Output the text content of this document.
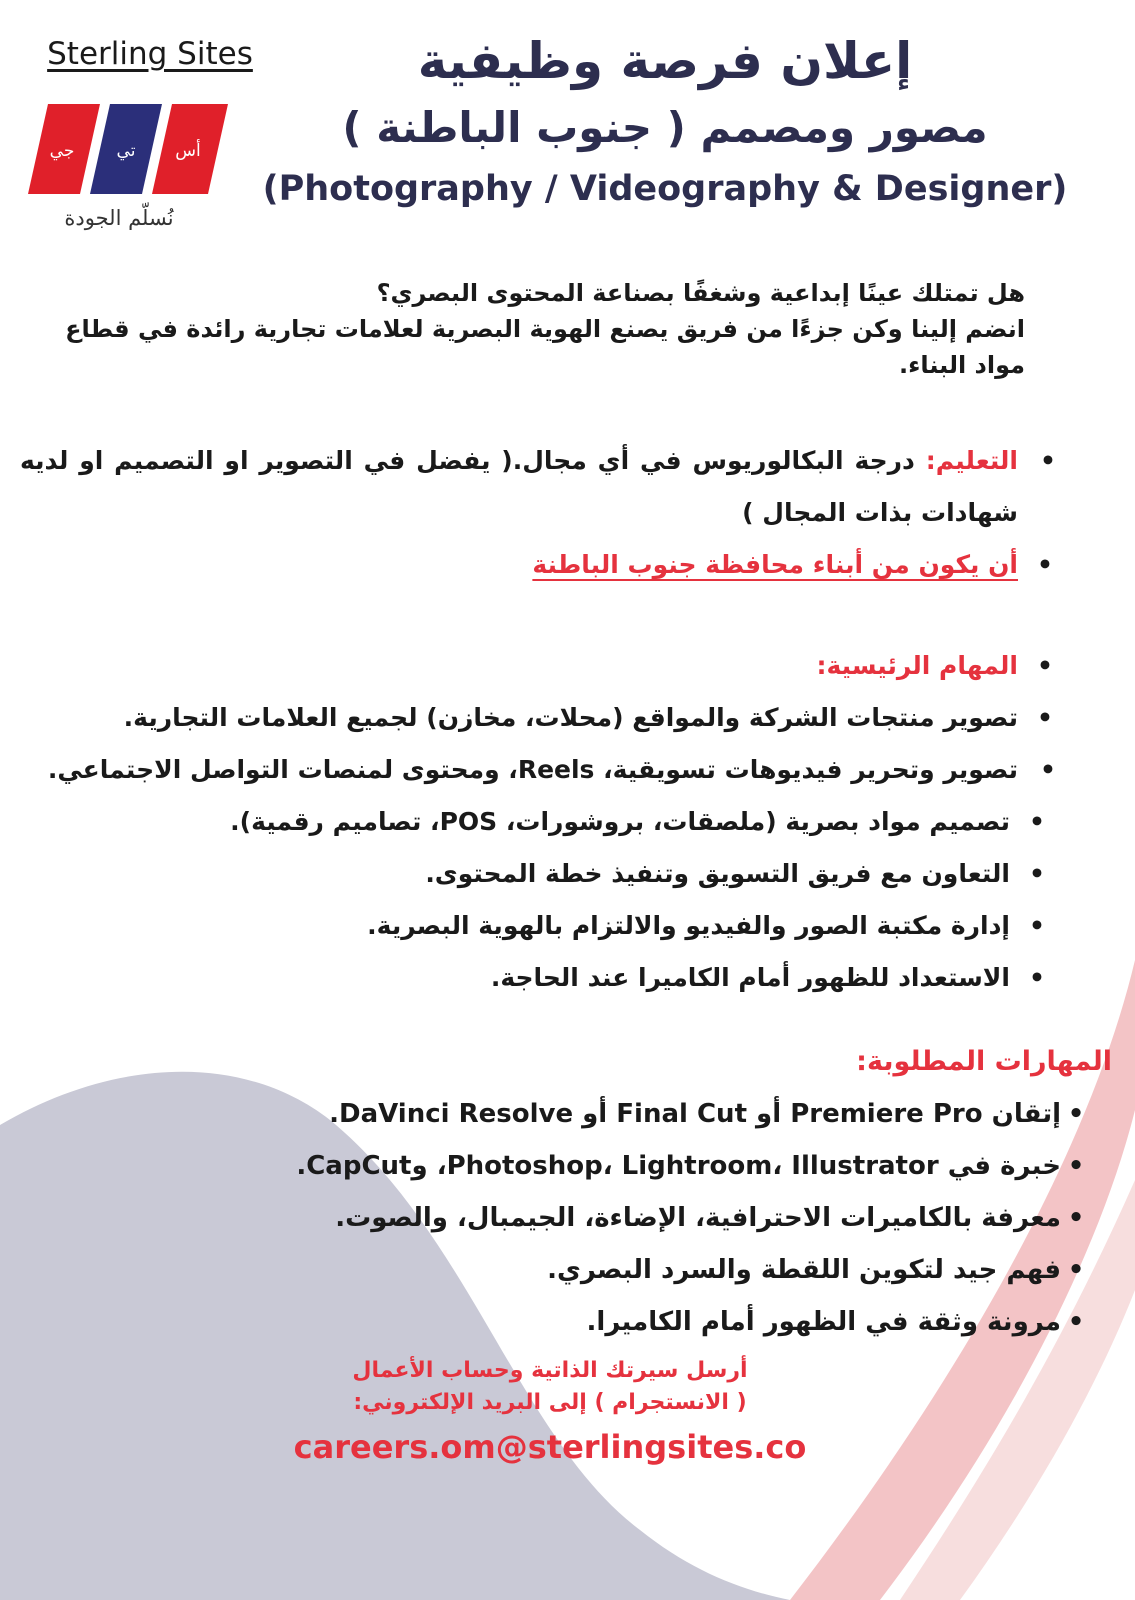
Sterling Sites
جي تي أس
نُسلّم الجودة
إعلان فرصة وظيفية
مصور ومصمم ( جنوب الباطنة )
(Photography / Videography & Designer)
هل تمتلك عينًا إبداعية وشغفًا بصناعة المحتوى البصري؟
انضم إلينا وكن جزءًا من فريق يصنع الهوية البصرية لعلامات تجارية رائدة في قطاع مواد البناء.
•
التعليم: درجة البكالوريوس في أي مجال.( يفضل في التصوير او التصميم او لديه شهادات بذات المجال )
•
أن يكون من أبناء محافظة جنوب الباطنة
•
المهام الرئيسية:
•
تصوير منتجات الشركة والمواقع (محلات، مخازن) لجميع العلامات التجارية.
•
تصوير وتحرير فيديوهات تسويقية، Reels، ومحتوى لمنصات التواصل الاجتماعي.
•
تصميم مواد بصرية (ملصقات، بروشورات، POS، تصاميم رقمية).
•
التعاون مع فريق التسويق وتنفيذ خطة المحتوى.
•
إدارة مكتبة الصور والفيديو والالتزام بالهوية البصرية.
•
الاستعداد للظهور أمام الكاميرا عند الحاجة.
المهارات المطلوبة:
•
إتقان Premiere Pro أو Final Cut أو DaVinci Resolve.
•
خبرة في Photoshop، Lightroom، Illustrator، وCapCut.
•
معرفة بالكاميرات الاحترافية، الإضاءة، الجيمبال، والصوت.
•
فهم جيد لتكوين اللقطة والسرد البصري.
•
مرونة وثقة في الظهور أمام الكاميرا.
أرسل سيرتك الذاتية وحساب الأعمال
( الانستجرام ) إلى البريد الإلكتروني:
careers.om@sterlingsites.co
